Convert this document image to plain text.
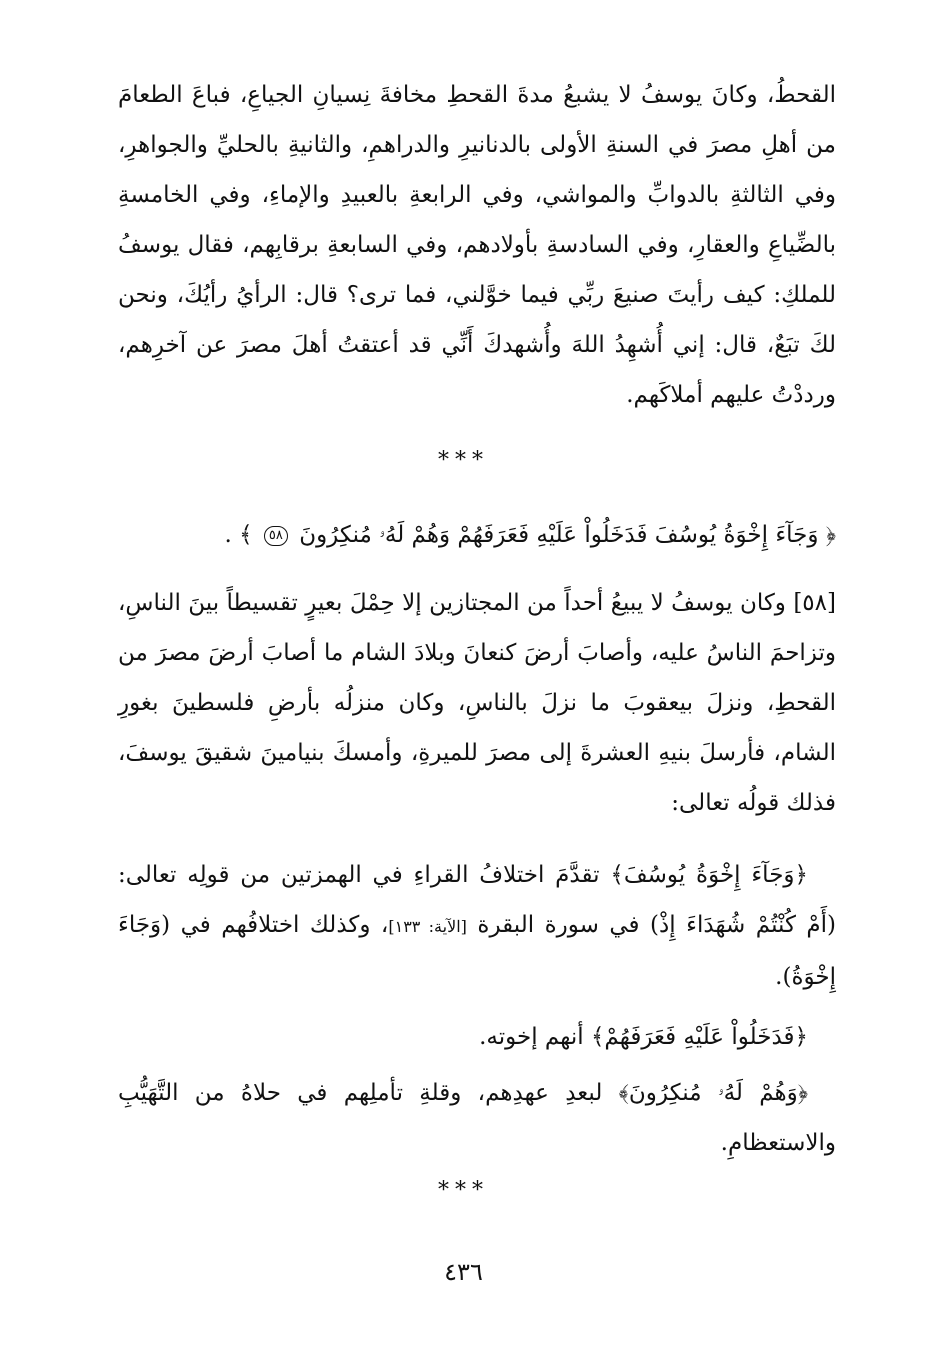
القحطُ، وكانَ يوسفُ لا يشبعُ مدةَ القحطِ مخافةَ نِسيانِ الجياعِ، فباعَ الطعامَ من أهلِ مصرَ في السنةِ الأولى بالدنانيرِ والدراهمِ، والثانيةِ بالحليِّ والجواهرِ، وفي الثالثةِ بالدوابِّ والمواشي، وفي الرابعةِ بالعبيدِ والإماءِ، وفي الخامسةِ بالضِّياعِ والعقارِ، وفي السادسةِ بأولادهم، وفي السابعةِ برقابِهم، فقال يوسفُ للملكِ: كيف رأيتَ صنيعَ ربِّي فيما خوَّلني، فما ترى؟ قال: الرأيُ رأيُكَ، ونحن لكَ تبَعٌ، قال: إني أُشهِدُ اللهَ وأُشهدكَ أَنِّي قد أعتقتُ أهلَ مصرَ عن آخرِهم، ورددْتُ عليهم أملاكَهم.
***
﴿ وَجَآءَ إِخْوَةُ يُوسُفَ فَدَخَلُواْ عَلَيْهِ فَعَرَفَهُمْ وَهُمْ لَهُۥ مُنكِرُونَ ٥٨ ﴾ .
[٥٨] وكان يوسفُ لا يبيعُ أحداً من المجتازين إلا حِمْلَ بعيرٍ تقسيطاً بينَ الناسِ، وتزاحمَ الناسُ عليه، وأصابَ أرضَ كنعانَ وبلادَ الشام ما أصابَ أرضَ مصرَ من القحطِ، ونزلَ بيعقوبَ ما نزلَ بالناسِ، وكان منزلُه بأرضِ فلسطينَ بغورِ الشام، فأرسلَ بنيهِ العشرةَ إلى مصرَ للميرةِ، وأمسكَ بنيامينَ شقيقَ يوسفَ، فذلك قولُه تعالى:
﴿وَجَآءَ إِخْوَةُ يُوسُفَ﴾ تقدَّمَ اختلافُ القراءِ في الهمزتين من قولِه تعالى: (أَمْ كُنْتُمْ شُهَدَاءَ إِذْ) في سورة البقرة [الآية: ١٣٣]، وكذلك اختلافُهم في (وَجَاءَ إِخْوَةُ).
﴿فَدَخَلُواْ عَلَيْهِ فَعَرَفَهُمْ﴾ أنهم إخوته.
﴿وَهُمْ لَهُۥ مُنكِرُونَ﴾ لبعدِ عهدِهم، وقلةِ تأملِهم في حلاهُ من التَّهَيُّبِ والاستعظامِ.
***
٤٣٦
